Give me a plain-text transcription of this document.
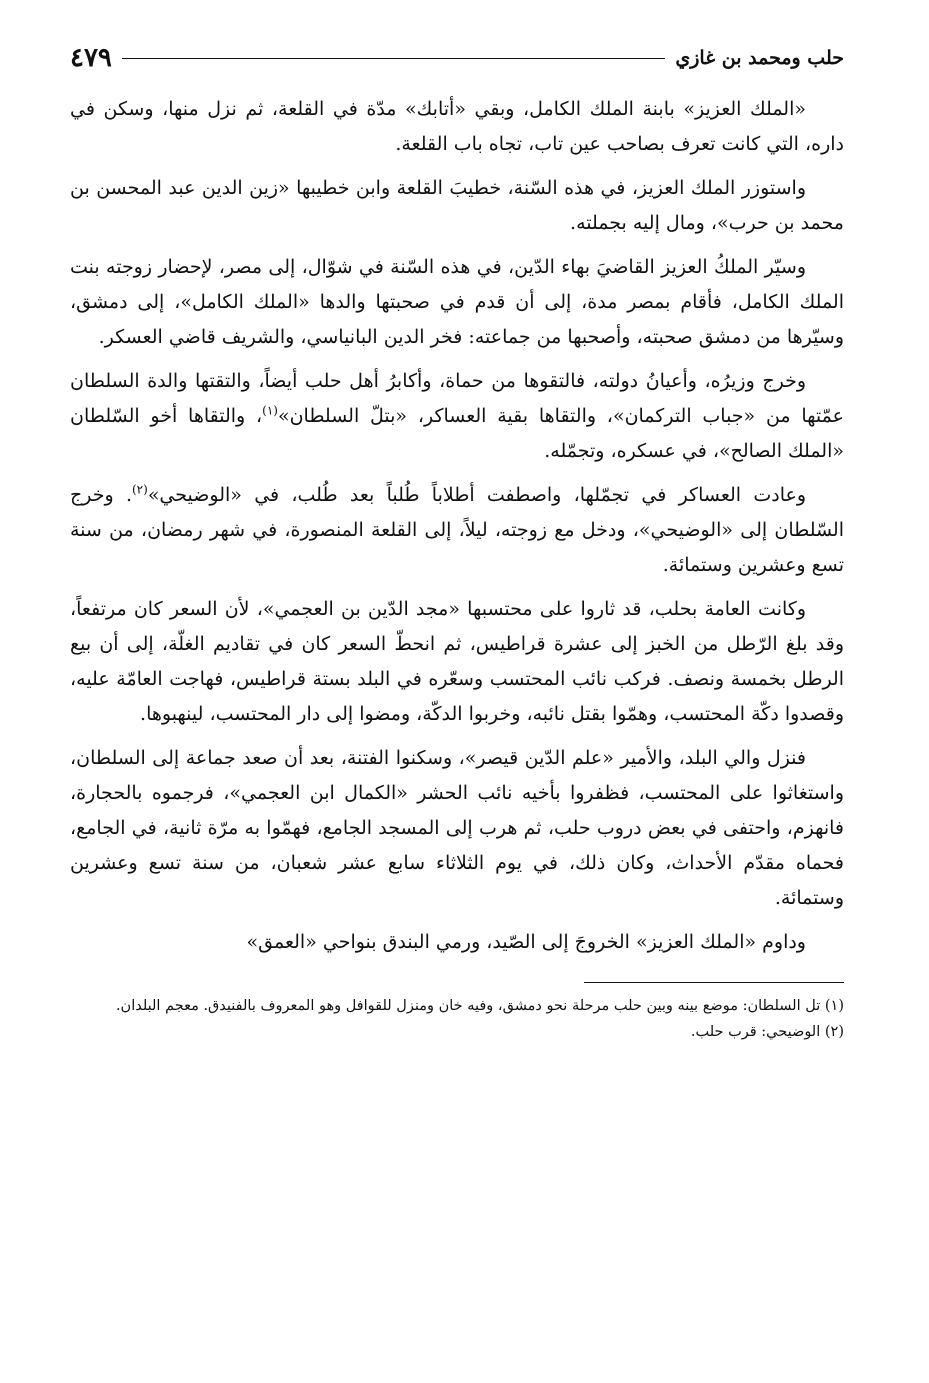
حلب ومحمد بن غازي
٤٧٩

«الملك العزيز» بابنة الملك الكامل، وبقي «أتابك» مدّة في القلعة، ثم نزل منها، وسكن في داره، التي كانت تعرف بصاحب عين تاب، تجاه باب القلعة.

واستوزر الملك العزيز، في هذه السّنة، خطيبَ القلعة وابن خطيبها «زين الدين عبد المحسن بن محمد بن حرب»، ومال إليه بجملته.

وسيّر الملكُ العزيز القاضيَ بهاء الدّين، في هذه السّنة في شوّال، إلى مصر، لإحضار زوجته بنت الملك الكامل، فأقام بمصر مدة، إلى أن قدم في صحبتها والدها «الملك الكامل»، إلى دمشق، وسيّرها من دمشق صحبته، وأصحبها من جماعته: فخر الدين البانياسي، والشريف قاضي العسكر.

وخرج وزيرُه، وأعيانُ دولته، فالتقوها من حماة، وأكابرُ أهل حلب أيضاً، والتقتها والدة السلطان عمّتها من «جباب التركمان»، والتقاها بقية العساكر، «بتلّ السلطان»$^{(١)}$، والتقاها أخو السّلطان «الملك الصالح»، في عسكره، وتجمّله.

وعادت العساكر في تجمّلها، واصطفت أطلاباً طُلباً بعد طُلب، في «الوضيحي»$^{(٢)}$. وخرج السّلطان إلى «الوضيحي»، ودخل مع زوجته، ليلاً، إلى القلعة المنصورة، في شهر رمضان، من سنة تسع وعشرين وستمائة.

وكانت العامة بحلب، قد ثاروا على محتسبها «مجد الدّين بن العجمي»، لأن السعر كان مرتفعاً، وقد بلغ الرّطل من الخبز إلى عشرة قراطيس، ثم انحطّ السعر كان في تقاديم الغلّة، إلى أن بيع الرطل بخمسة ونصف. فركب نائب المحتسب وسعّره في البلد بستة قراطيس، فهاجت العامّة عليه، وقصدوا دكّة المحتسب، وهمّوا بقتل نائبه، وخربوا الدكّة، ومضوا إلى دار المحتسب، لينهبوها.

فنزل والي البلد، والأمير «علم الدّين قيصر»، وسكنوا الفتنة، بعد أن صعد جماعة إلى السلطان، واستغاثوا على المحتسب، فظفروا بأخيه نائب الحشر «الكمال ابن العجمي»، فرجموه بالحجارة، فانهزم، واحتفى في بعض دروب حلب، ثم هرب إلى المسجد الجامع، فهمّوا به مرّة ثانية، في الجامع، فحماه مقدّم الأحداث، وكان ذلك، في يوم الثلاثاء سابع عشر شعبان، من سنة تسع وعشرين وستمائة.

وداوم «الملك العزيز» الخروجَ إلى الصّيد، ورمي البندق بنواحي «العمق»

(١) تل السلطان: موضع بينه وبين حلب مرحلة نحو دمشق، وفيه خان ومنزل للقوافل وهو المعروف بالفنيدق. معجم البلدان.

(٢) الوضيحي: قرب حلب.
